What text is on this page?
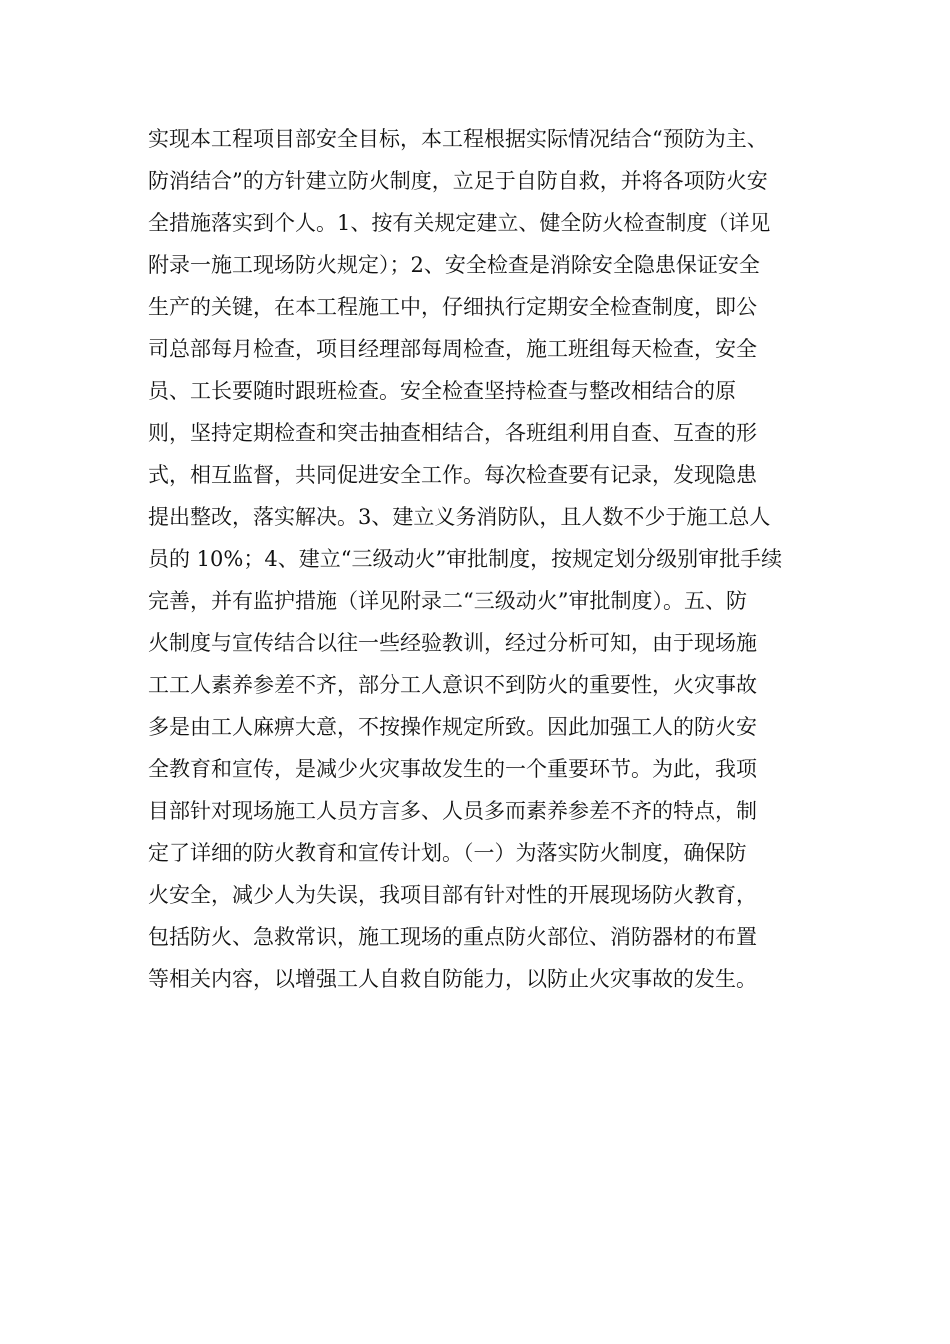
实现本工程项目部安全目标，本工程根据实际情况结合“预防为主、
防消结合”的方针建立防火制度，立足于自防自救，并将各项防火安
全措施落实到个人。1、按有关规定建立、健全防火检查制度（详见
附录一施工现场防火规定）；2、安全检查是消除安全隐患保证安全
生产的关键，在本工程施工中，仔细执行定期安全检查制度，即公
司总部每月检查，项目经理部每周检查，施工班组每天检查，安全
员、工长要随时跟班检查。安全检查坚持检查与整改相结合的原
则，坚持定期检查和突击抽查相结合，各班组利用自查、互查的形
式，相互监督，共同促进安全工作。每次检查要有记录，发现隐患
提出整改，落实解决。3、建立义务消防队，且人数不少于施工总人
员的 10%；4、建立“三级动火”审批制度，按规定划分级别审批手续
完善，并有监护措施（详见附录二“三级动火”审批制度）。五、防
火制度与宣传结合以往一些经验教训，经过分析可知，由于现场施
工工人素养参差不齐，部分工人意识不到防火的重要性，火灾事故
多是由工人麻痹大意，不按操作规定所致。因此加强工人的防火安
全教育和宣传，是减少火灾事故发生的一个重要环节。为此，我项
目部针对现场施工人员方言多、人员多而素养参差不齐的特点，制
定了详细的防火教育和宣传计划。（一）为落实防火制度，确保防
火安全，减少人为失误，我项目部有针对性的开展现场防火教育，
包括防火、急救常识，施工现场的重点防火部位、消防器材的布置
等相关内容，以增强工人自救自防能力，以防止火灾事故的发生。
